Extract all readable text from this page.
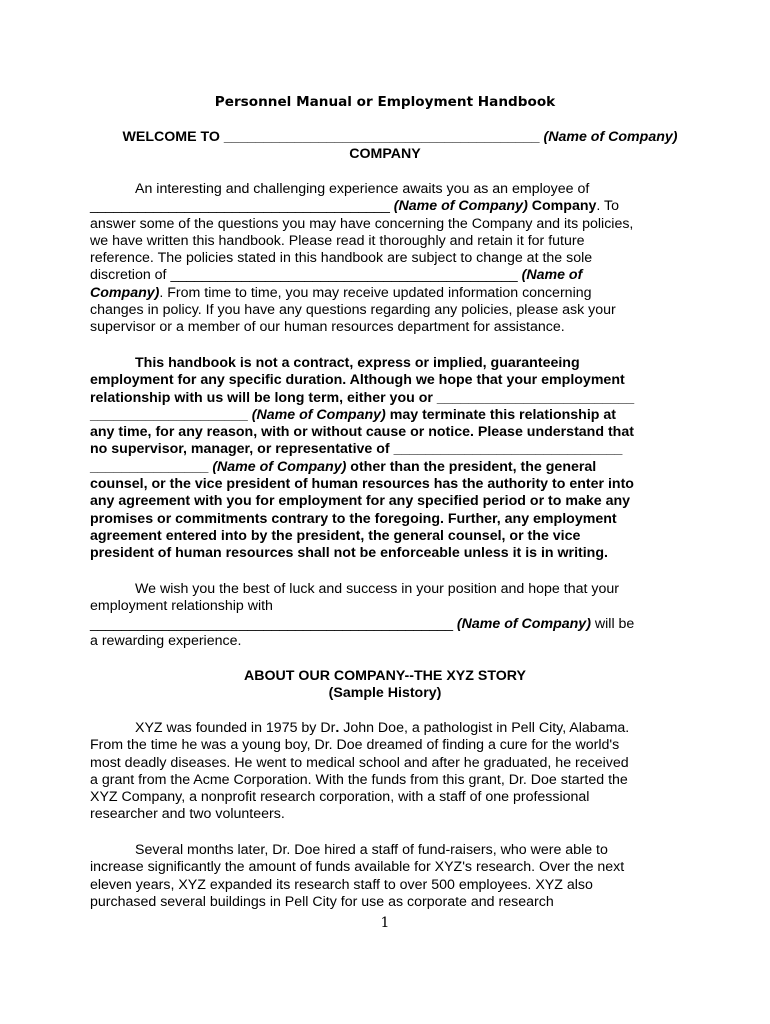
Personnel Manual or Employment Handbook
WELCOME TO ________________________________________ (Name of Company)
COMPANY
An interesting and challenging experience awaits you as an employee of
______________________________________ (Name of Company) Company. To
answer some of the questions you may have concerning the Company and its policies,
we have written this handbook. Please read it thoroughly and retain it for future
reference. The policies stated in this handbook are subject to change at the sole
discretion of ____________________________________________ (Name of
Company). From time to time, you may receive updated information concerning
changes in policy. If you have any questions regarding any policies, please ask your
supervisor or a member of our human resources department for assistance.
This handbook is not a contract, express or implied, guaranteeing
employment for any specific duration. Although we hope that your employment
relationship with us will be long term, either you or _________________________
____________________ (Name of Company) may terminate this relationship at
any time, for any reason, with or without cause or notice. Please understand that
no supervisor, manager, or representative of _____________________________
_______________ (Name of Company) other than the president, the general
counsel, or the vice president of human resources has the authority to enter into
any agreement with you for employment for any specified period or to make any
promises or commitments contrary to the foregoing. Further, any employment
agreement entered into by the president, the general counsel, or the vice
president of human resources shall not be enforceable unless it is in writing.
We wish you the best of luck and success in your position and hope that your
employment relationship with
______________________________________________ (Name of Company) will be
a rewarding experience.
ABOUT OUR COMPANY--THE XYZ STORY
(Sample History)
XYZ was founded in 1975 by Dr. John Doe, a pathologist in Pell City, Alabama.
From the time he was a young boy, Dr. Doe dreamed of finding a cure for the world's
most deadly diseases. He went to medical school and after he graduated, he received
a grant from the Acme Corporation. With the funds from this grant, Dr. Doe started the
XYZ Company, a nonprofit research corporation, with a staff of one professional
researcher and two volunteers.
Several months later, Dr. Doe hired a staff of fund-raisers, who were able to
increase significantly the amount of funds available for XYZ's research. Over the next
eleven years, XYZ expanded its research staff to over 500 employees. XYZ also
purchased several buildings in Pell City for use as corporate and research
1
